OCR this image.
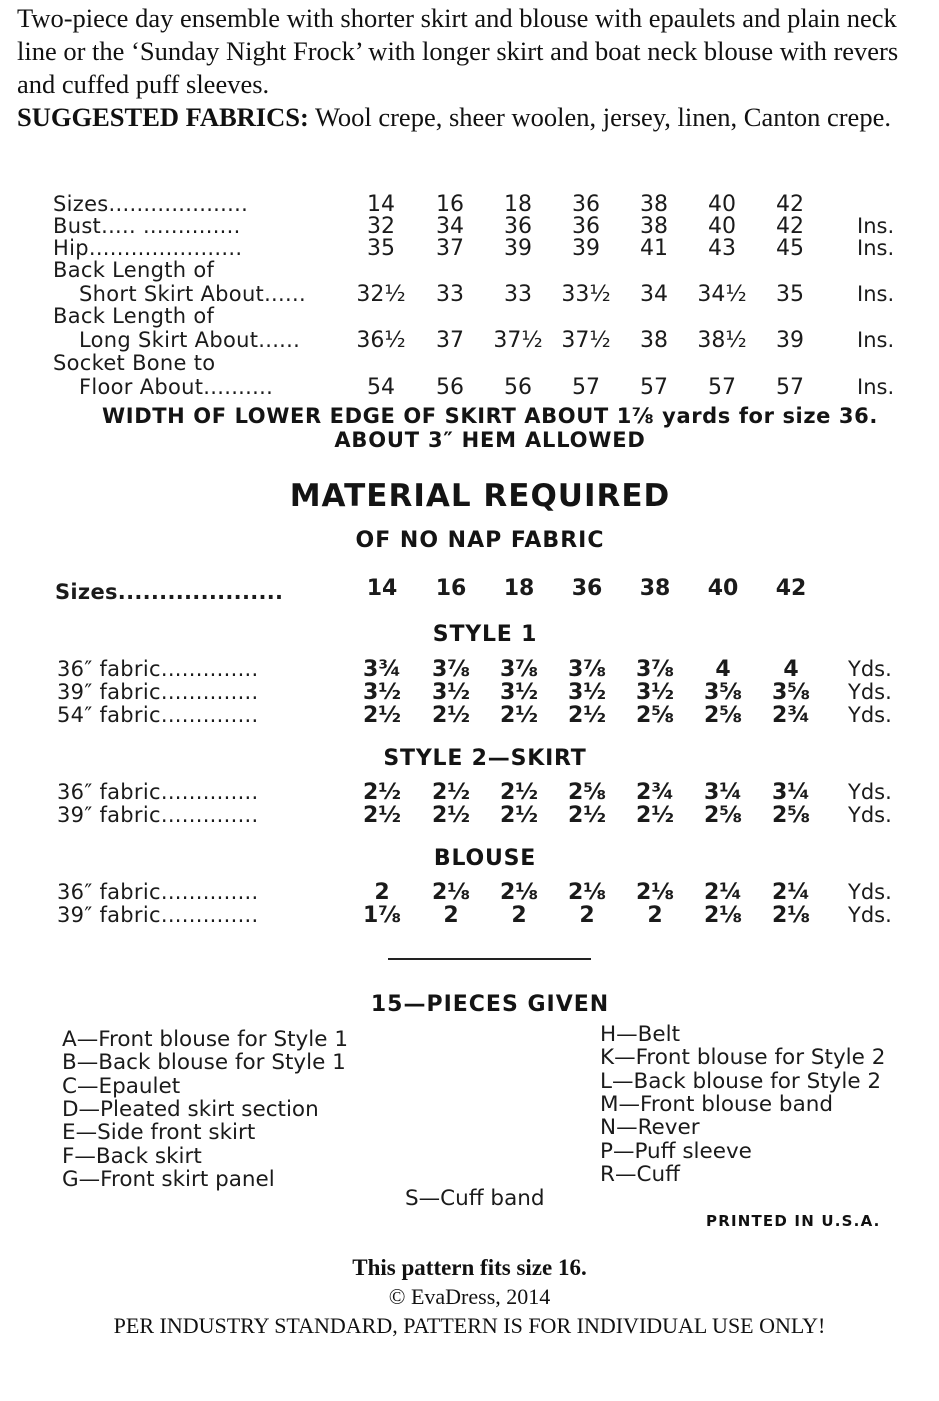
Two-piece day ensemble with shorter skirt and blouse with epaulets and plain neck line or the ‘Sunday Night Frock’ with longer skirt and boat neck blouse with revers and cuffed puff sleeves.
SUGGESTED FABRICS: Wool crepe, sheer woolen, jersey, linen, Canton crepe.
Sizes....................	14	16	18	36	38	40	42
Bust..... ..............	32	34	36	36	38	40	42	Ins.
Hip......................	35	37	39	39	41	43	45	Ins.
Back Length of
Short Skirt About...... 32½	33	33	33½	34	34½	35	Ins.
Back Length of
Long Skirt About......	36½	37	37½ 37½	38	38½	39	Ins.
Socket Bone to
Floor About..........	54	56	56	57	57	57	57	Ins.
WIDTH OF LOWER EDGE OF SKIRT ABOUT 1⅞ yards for size 36.
ABOUT 3″ HEM ALLOWED
MATERIAL REQUIRED
OF NO NAP FABRIC
Sizes....................	14	16	18	36	38	40	42
STYLE 1
36″ fabric..............	3¾ 3⅞ 3⅞ 3⅞ 3⅞	4	4	Yds.
39″ fabric..............	3½ 3½ 3½ 3½ 3½ 3⅝ 3⅝ Yds.
54″ fabric..............	2½ 2½ 2½ 2½ 2⅝ 2⅝ 2¾ Yds.
STYLE 2—SKIRT
36″ fabric..............	2½ 2½ 2½ 2⅝ 2¾ 3¼ 3¼ Yds.
39″ fabric..............	2½ 2½ 2½ 2½ 2½ 2⅝ 2⅝ Yds.
BLOUSE
36″ fabric..............	2	2⅛ 2⅛ 2⅛ 2⅛ 2¼ 2¼ Yds.
39″ fabric..............	1⅞	2	2	2	2	2⅛ 2⅛ Yds.
15—PIECES GIVEN
A—Front blouse for Style 1
B—Back blouse for Style 1
C—Epaulet
D—Pleated skirt section
E—Side front skirt
F—Back skirt
G—Front skirt panel
H—Belt
K—Front blouse for Style 2
L—Back blouse for Style 2
M—Front blouse band
N—Rever
P—Puff sleeve
R—Cuff
S—Cuff band
PRINTED IN U.S.A.
This pattern fits size 16.
© EvaDress, 2014
PER INDUSTRY STANDARD, PATTERN IS FOR INDIVIDUAL USE ONLY!
